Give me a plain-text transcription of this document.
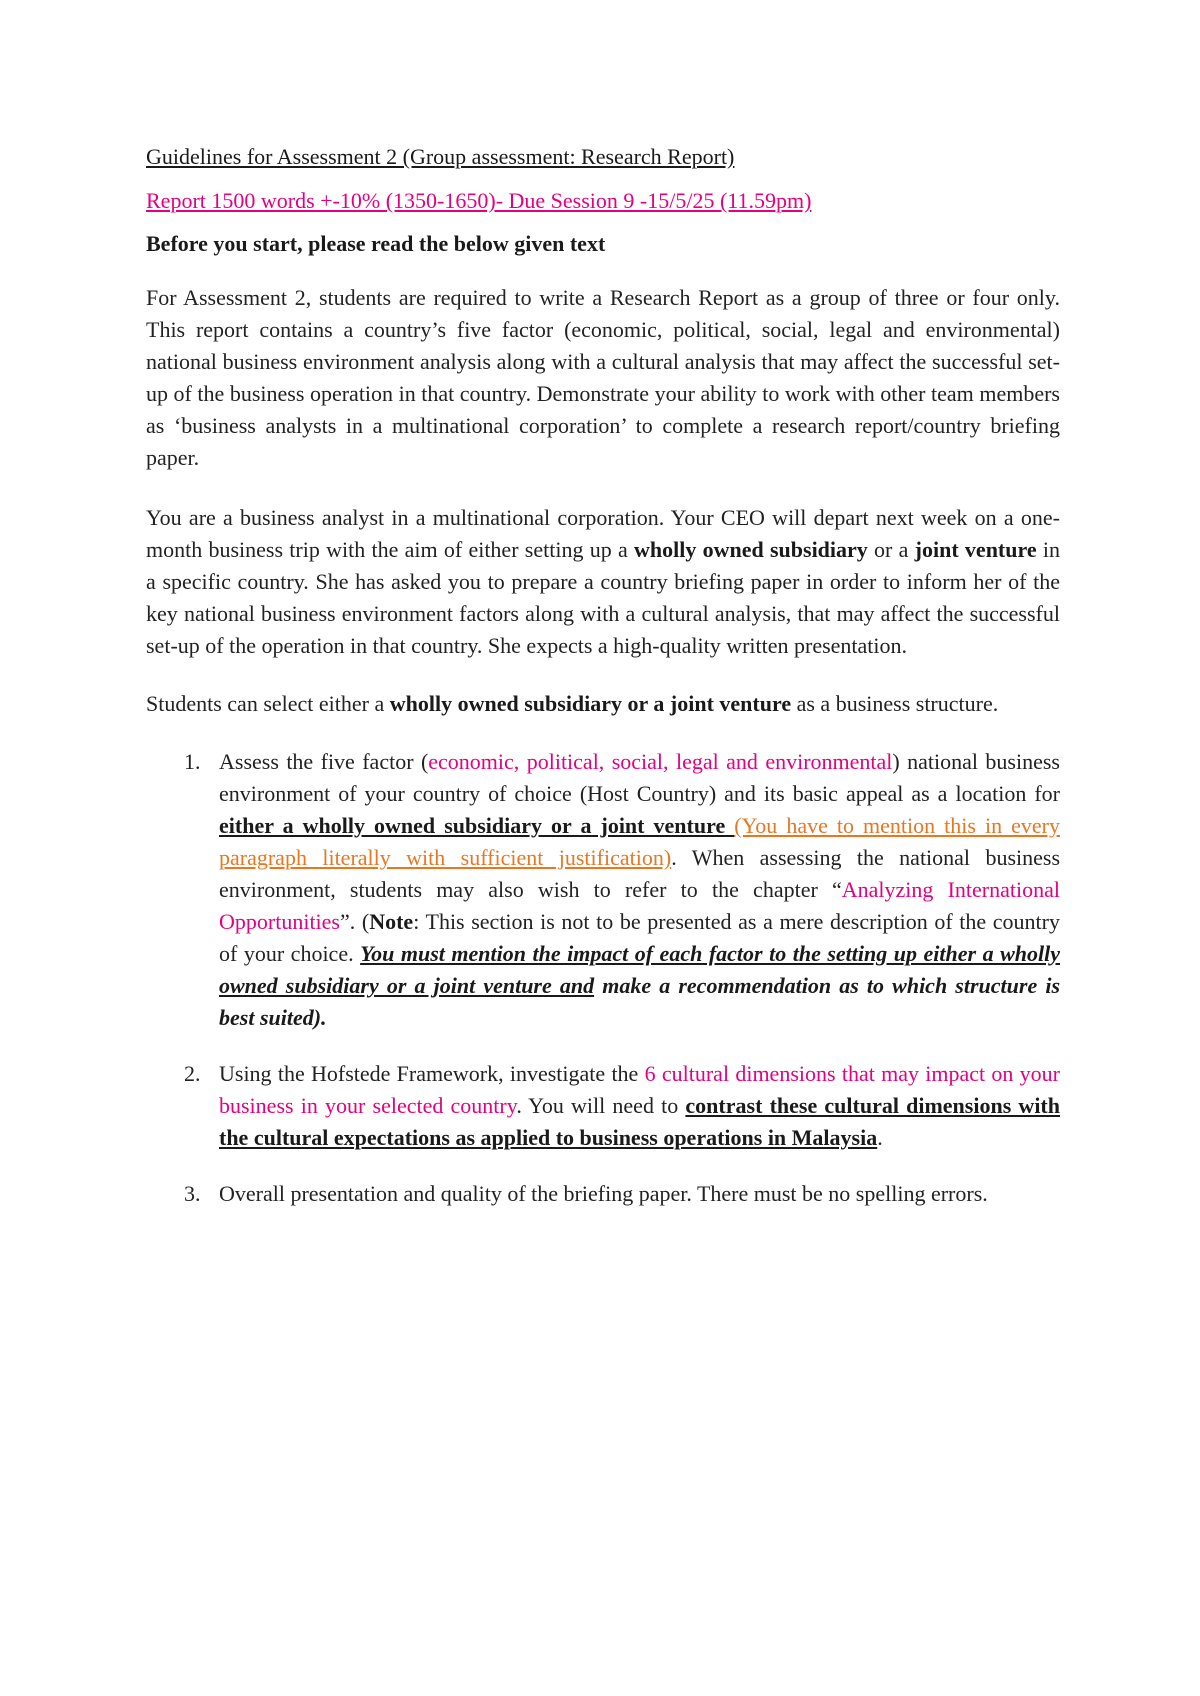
Guidelines for Assessment 2 (Group assessment: Research Report)
Report 1500 words +-10% (1350-1650)- Due Session 9 -15/5/25 (11.59pm)
Before you start, please read the below given text

For Assessment 2, students are required to write a Research Report as a group of three or four only. This report contains a country’s five factor (economic, political, social, legal and environmental) national business environment analysis along with a cultural analysis that may affect the successful set-up of the business operation in that country. Demonstrate your ability to work with other team members as ‘business analysts in a multinational corporation’ to complete a research report/country briefing paper.

You are a business analyst in a multinational corporation. Your CEO will depart next week on a one-month business trip with the aim of either setting up a wholly owned subsidiary or a joint venture in a specific country. She has asked you to prepare a country briefing paper in order to inform her of the key national business environment factors along with a cultural analysis, that may affect the successful set-up of the operation in that country. She expects a high-quality written presentation.

Students can select either a wholly owned subsidiary or a joint venture as a business structure.

1. Assess the five factor (economic, political, social, legal and environmental) national business environment of your country of choice (Host Country) and its basic appeal as a location for either a wholly owned subsidiary or a joint venture (You have to mention this in every paragraph literally with sufficient justification). When assessing the national business environment, students may also wish to refer to the chapter “Analyzing International Opportunities”. (Note: This section is not to be presented as a mere description of the country of your choice. You must mention the impact of each factor to the setting up either a wholly owned subsidiary or a joint venture and make a recommendation as to which structure is best suited).
2. Using the Hofstede Framework, investigate the 6 cultural dimensions that may impact on your business in your selected country. You will need to contrast these cultural dimensions with the cultural expectations as applied to business operations in Malaysia.
3. Overall presentation and quality of the briefing paper. There must be no spelling errors.
